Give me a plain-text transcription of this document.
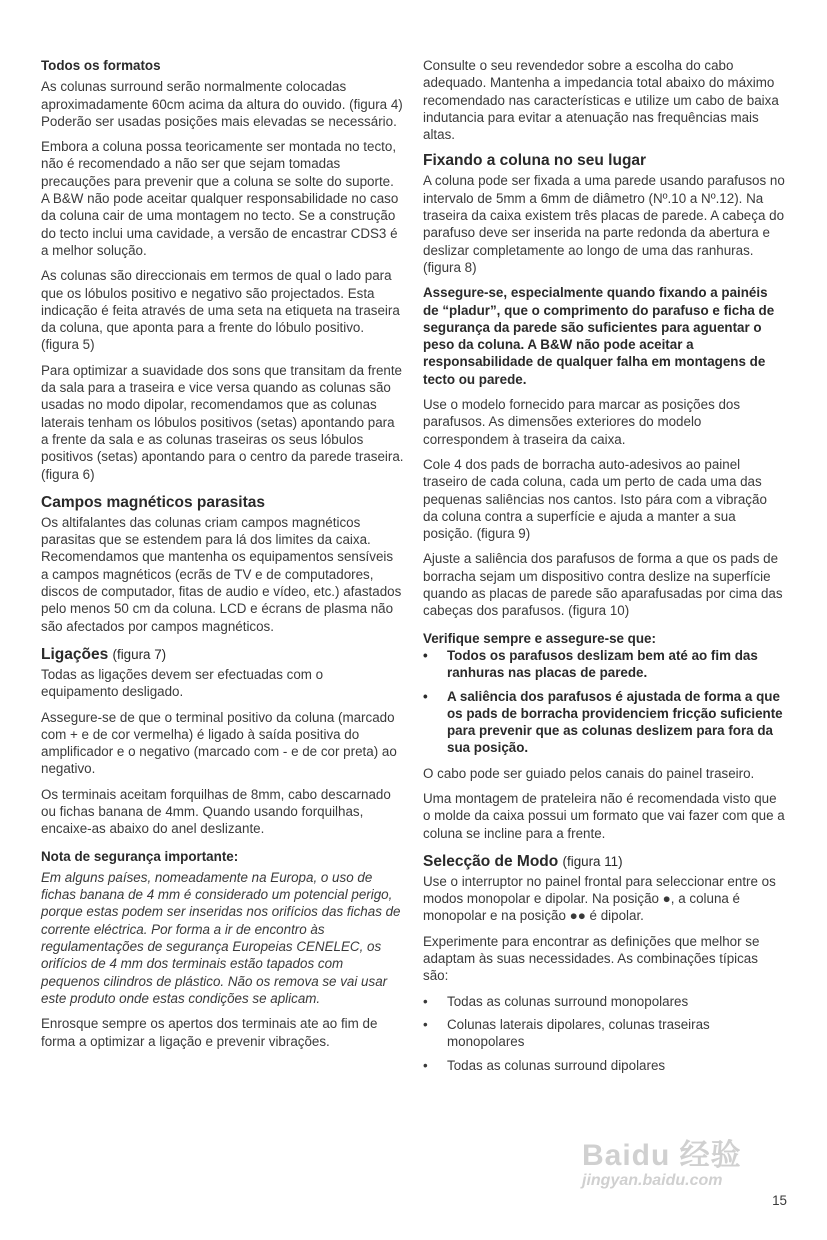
Todos os formatos

As colunas surround serão normalmente colocadas aproximadamente 60cm acima da altura do ouvido. (figura 4) Poderão ser usadas posições mais elevadas se necessário.

Embora a coluna possa teoricamente ser montada no tecto, não é recomendado a não ser que sejam tomadas precauções para prevenir que a coluna se solte do suporte. A B&W não pode aceitar qualquer responsabilidade no caso da coluna cair de uma montagem no tecto. Se a construção do tecto inclui uma cavidade, a versão de encastrar CDS3 é a melhor solução.

As colunas são direccionais em termos de qual o lado para que os lóbulos positivo e negativo são projectados. Esta indicação é feita através de uma seta na etiqueta na traseira da coluna, que aponta para a frente do lóbulo positivo. (figura 5)

Para optimizar a suavidade dos sons que transitam da frente da sala para a traseira e vice versa quando as colunas são usadas no modo dipolar, recomendamos que as colunas laterais tenham os lóbulos positivos (setas) apontando para a frente da sala e as colunas traseiras os seus lóbulos positivos (setas) apontando para o centro da parede traseira. (figura 6)

Campos magnéticos parasitas

Os altifalantes das colunas criam campos magnéticos parasitas que se estendem para lá dos limites da caixa. Recomendamos que mantenha os equipamentos sensíveis a campos magnéticos (ecrãs de TV e de computadores, discos de computador, fitas de audio e vídeo, etc.) afastados pelo menos 50 cm da coluna. LCD e écrans de plasma não são afectados por campos magnéticos.

Ligações (figura 7)

Todas as ligações devem ser efectuadas com o equipamento desligado.

Assegure-se de que o terminal positivo da coluna (marcado com + e de cor vermelha) é ligado à saída positiva do amplificador e o negativo (marcado com - e de cor preta) ao negativo.

Os terminais aceitam forquilhas de 8mm, cabo descarnado ou fichas banana de 4mm. Quando usando forquilhas, encaixe-as abaixo do anel deslizante.

Nota de segurança importante:

Em alguns países, nomeadamente na Europa, o uso de fichas banana de 4 mm é considerado um potencial perigo, porque estas podem ser inseridas nos orifícios das fichas de corrente eléctrica. Por forma a ir de encontro às regulamentações de segurança Europeias CENELEC, os orifícios de 4 mm dos terminais estão tapados com pequenos cilindros de plástico. Não os remova se vai usar este produto onde estas condições se aplicam.

Enrosque sempre os apertos dos terminais ate ao fim de forma a optimizar a ligação e prevenir vibrações.

Consulte o seu revendedor sobre a escolha do cabo adequado. Mantenha a impedancia total abaixo do máximo recomendado nas características e utilize um cabo de baixa indutancia para evitar a atenuação nas frequências mais altas.

Fixando a coluna no seu lugar

A coluna pode ser fixada a uma parede usando parafusos no intervalo de 5mm a 6mm de diâmetro (Nº.10 a Nº.12). Na traseira da caixa existem três placas de parede. A cabeça do parafuso deve ser inserida na parte redonda da abertura e deslizar completamente ao longo de uma das ranhuras. (figura 8)

Assegure-se, especialmente quando fixando a painéis de “pladur”, que o comprimento do parafuso e ficha de segurança da parede são suficientes para aguentar o peso da coluna. A B&W não pode aceitar a responsabilidade de qualquer falha em montagens de tecto ou parede.

Use o modelo fornecido para marcar as posições dos parafusos. As dimensões exteriores do modelo correspondem à traseira da caixa.

Cole 4 dos pads de borracha auto-adesivos ao painel traseiro de cada coluna, cada um perto de cada uma das pequenas saliências nos cantos. Isto pára com a vibração da coluna contra a superfície e ajuda a manter a sua posição. (figura 9)

Ajuste a saliência dos parafusos de forma a que os pads de borracha sejam um dispositivo contra deslize na superfície quando as placas de parede são aparafusadas por cima das cabeças dos parafusos. (figura 10)

Verifique sempre e assegure-se que:
• Todos os parafusos deslizam bem até ao fim das ranhuras nas placas de parede.
• A saliência dos parafusos é ajustada de forma a que os pads de borracha providenciem fricção suficiente para prevenir que as colunas deslizem para fora da sua posição.

O cabo pode ser guiado pelos canais do painel traseiro.

Uma montagem de prateleira não é recomendada visto que o molde da caixa possui um formato que vai fazer com que a coluna se incline para a frente.

Selecção de Modo (figura 11)

Use o interruptor no painel frontal para seleccionar entre os modos monopolar e dipolar. Na posição ●, a coluna é monopolar e na posição ●● é dipolar.

Experimente para encontrar as definições que melhor se adaptam às suas necessidades. As combinações típicas são:

• Todas as colunas surround monopolares
• Colunas laterais dipolares, colunas traseiras monopolares
• Todas as colunas surround dipolares
Baidu 经验
jingyan.baidu.com
15
